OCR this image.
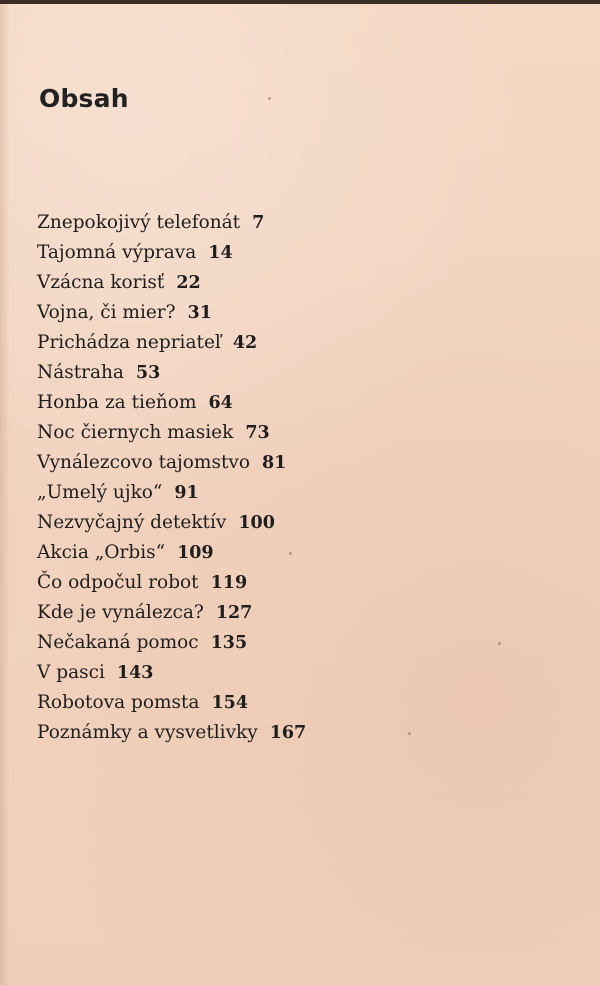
Obsah
Znepokojivý telefonát 7
Tajomná výprava 14
Vzácna korisť 22
Vojna, či mier? 31
Prichádza nepriateľ 42
Nástraha 53
Honba za tieňom 64
Noc čiernych masiek 73
Vynálezcovo tajomstvo 81
„Umelý ujko“ 91
Nezvyčajný detektív 100
Akcia „Orbis“ 109
Čo odpočul robot 119
Kde je vynálezca? 127
Nečakaná pomoc 135
V pasci 143
Robotova pomsta 154
Poznámky a vysvetlivky 167
